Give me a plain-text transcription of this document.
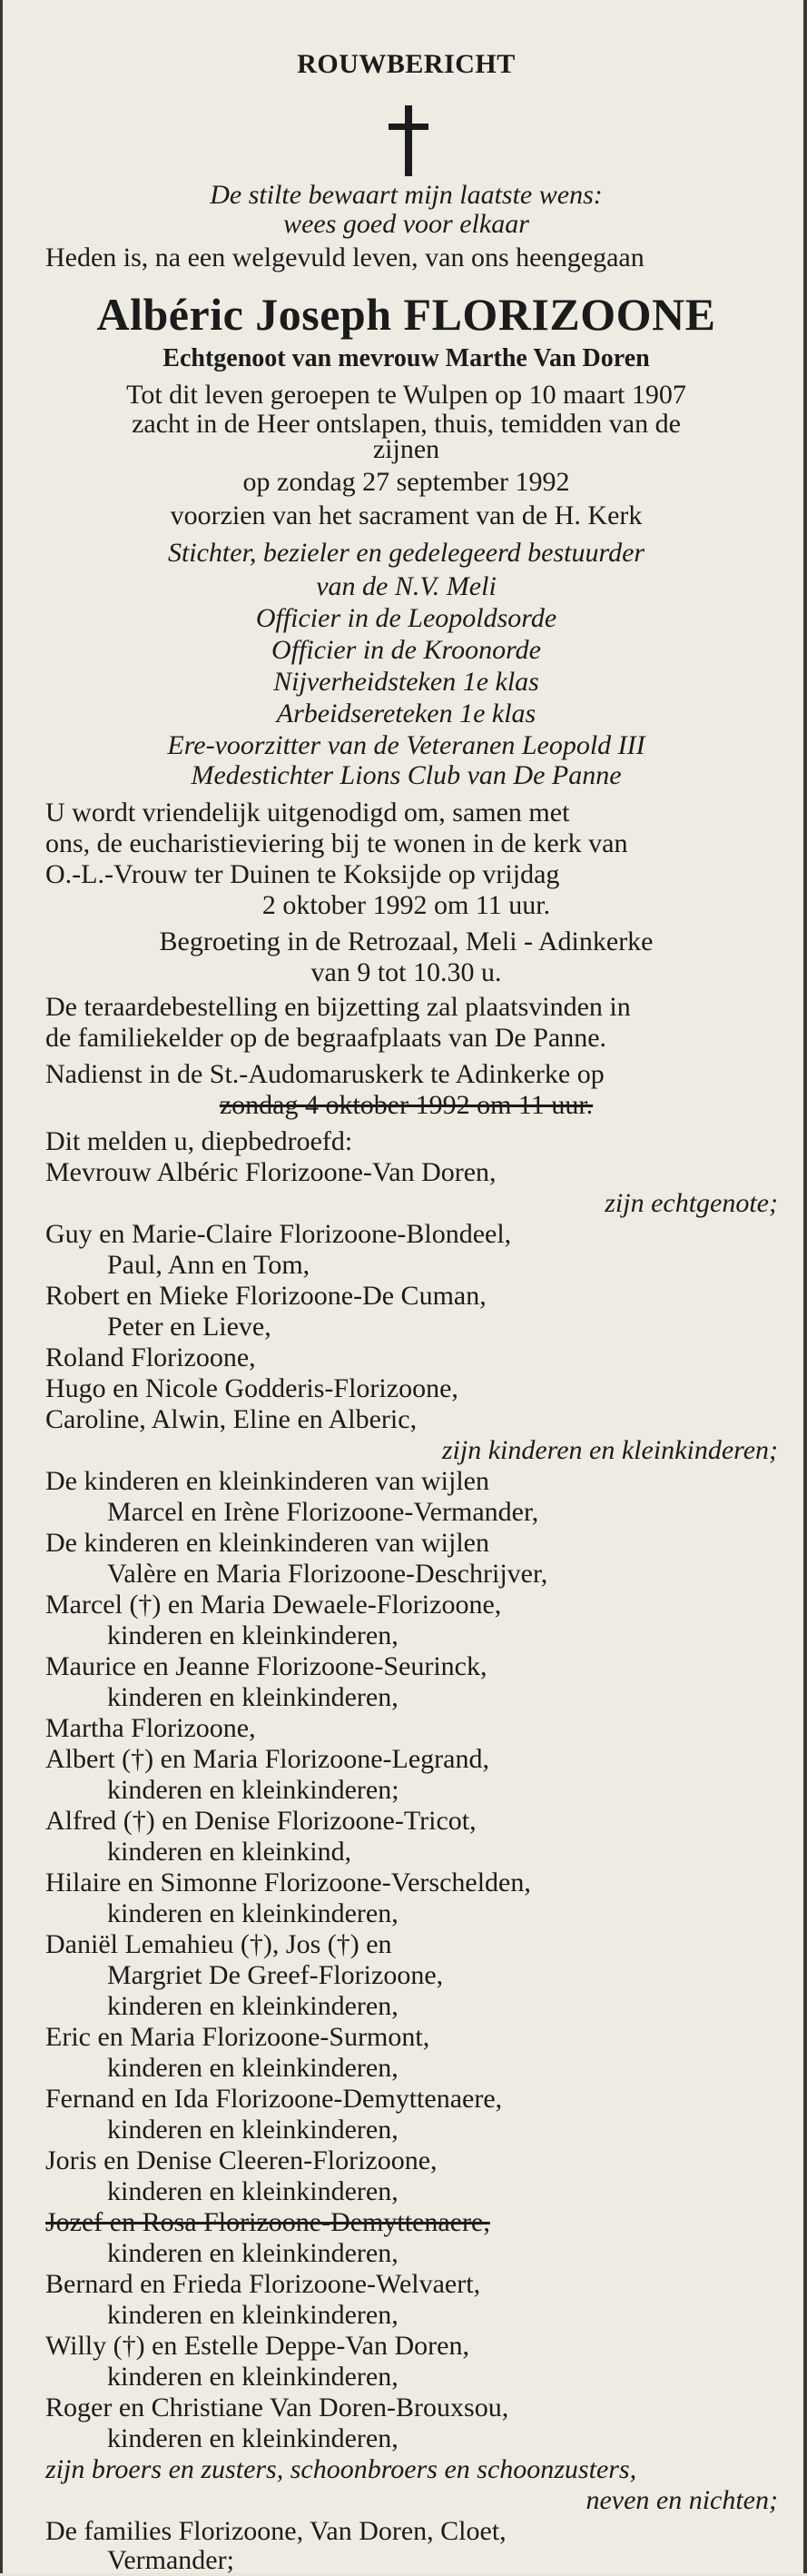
ROUWBERICHT
De stilte bewaart mijn laatste wens:
wees goed voor elkaar
Heden is, na een welgevuld leven, van ons heengegaan
Albéric Joseph FLORIZOONE
Echtgenoot van mevrouw Marthe Van Doren
Tot dit leven geroepen te Wulpen op 10 maart 1907
zacht in de Heer ontslapen, thuis, temidden van de
zijnen
op zondag 27 september 1992
voorzien van het sacrament van de H. Kerk
Stichter, bezieler en gedelegeerd bestuurder
van de N.V. Meli
Officier in de Leopoldsorde
Officier in de Kroonorde
Nijverheidsteken 1e klas
Arbeidsereteken 1e klas
Ere-voorzitter van de Veteranen Leopold III
Medestichter Lions Club van De Panne
U wordt vriendelijk uitgenodigd om, samen met
ons, de eucharistieviering bij te wonen in de kerk van
O.-L.-Vrouw ter Duinen te Koksijde op vrijdag
2 oktober 1992 om 11 uur.
Begroeting in de Retrozaal, Meli - Adinkerke
van 9 tot 10.30 u.
De teraardebestelling en bijzetting zal plaatsvinden in
de familiekelder op de begraafplaats van De Panne.
Nadienst in de St.-Audomaruskerk te Adinkerke op
zondag 4 oktober 1992 om 11 uur.
Dit melden u, diepbedroefd:
Mevrouw Albéric Florizoone-Van Doren,
zijn echtgenote;
Guy en Marie-Claire Florizoone-Blondeel,
Paul, Ann en Tom,
Robert en Mieke Florizoone-De Cuman,
Peter en Lieve,
Roland Florizoone,
Hugo en Nicole Godderis-Florizoone,
Caroline, Alwin, Eline en Alberic,
zijn kinderen en kleinkinderen;
De kinderen en kleinkinderen van wijlen
Marcel en Irène Florizoone-Vermander,
De kinderen en kleinkinderen van wijlen
Valère en Maria Florizoone-Deschrijver,
Marcel (†) en Maria Dewaele-Florizoone,
kinderen en kleinkinderen,
Maurice en Jeanne Florizoone-Seurinck,
kinderen en kleinkinderen,
Martha Florizoone,
Albert (†) en Maria Florizoone-Legrand,
kinderen en kleinkinderen;
Alfred (†) en Denise Florizoone-Tricot,
kinderen en kleinkind,
Hilaire en Simonne Florizoone-Verschelden,
kinderen en kleinkinderen,
Daniël Lemahieu (†), Jos (†) en
Margriet De Greef-Florizoone,
kinderen en kleinkinderen,
Eric en Maria Florizoone-Surmont,
kinderen en kleinkinderen,
Fernand en Ida Florizoone-Demyttenaere,
kinderen en kleinkinderen,
Joris en Denise Cleeren-Florizoone,
kinderen en kleinkinderen,
Jozef en Rosa Florizoone-Demyttenaere,
kinderen en kleinkinderen,
Bernard en Frieda Florizoone-Welvaert,
kinderen en kleinkinderen,
Willy (†) en Estelle Deppe-Van Doren,
kinderen en kleinkinderen,
Roger en Christiane Van Doren-Brouxsou,
kinderen en kleinkinderen,
zijn broers en zusters, schoonbroers en schoonzusters,
neven en nichten;
De families Florizoone, Van Doren, Cloet,
Vermander;
